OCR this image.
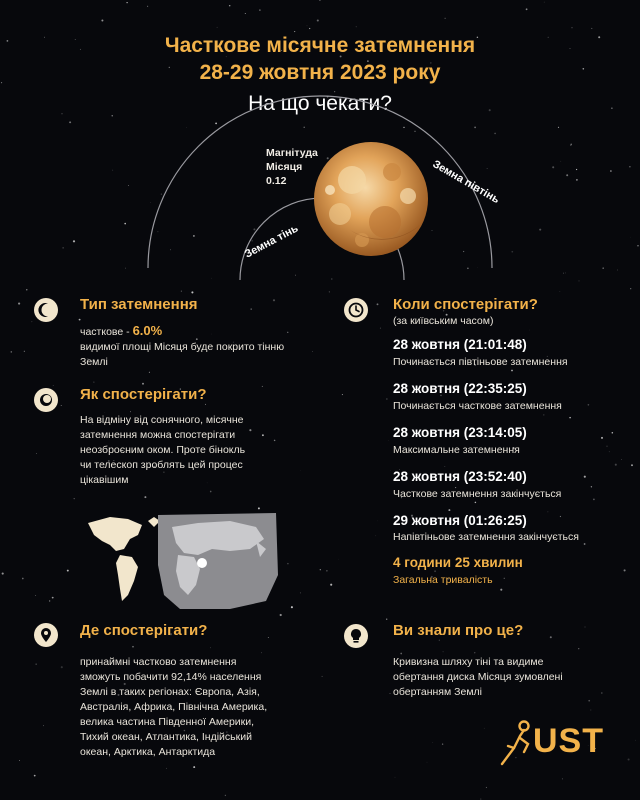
Часткове місячне затемнення
28-29 жовтня 2023 року
На що чекати?
Земна півтінь
Земна тінь
Магнітуда
Місяця
0.12
Тип затемнення
часткове - 6.0%
видимої площі Місяця буде покрито тінню Землі
Як спостерігати?
На відміну від сонячного, місячне
затемнення можна спостерігати
неозброєним оком. Проте бінокль
чи телескоп зроблять цей процес
цікавішим
Де спостерігати?
принаймні частково затемнення
зможуть побачити 92,14% населення
Землі в таких регіонах: Європа, Азія,
Австралія, Африка, Північна Америка,
велика частина Південної Америки,
Тихий океан, Атлантика, Індійський
океан, Арктика, Антарктида
Коли спостерігати?
(за київським часом)
28 жовтня (21:01:48)
Починається півтіньове затемнення
28 жовтня (22:35:25)
Починається часткове затемнення
28 жовтня (23:14:05)
Максимальне затемнення
28 жовтня (23:52:40)
Часткове затемнення закінчується
29 жовтня (01:26:25)
Напівтіньове затемнення закінчується
4 години 25 хвилин
Загальна тривалість
Ви знали про це?
Кривизна шляху тіні та видиме
обертання диска Місяця зумовлені
обертанням Землі
UST
